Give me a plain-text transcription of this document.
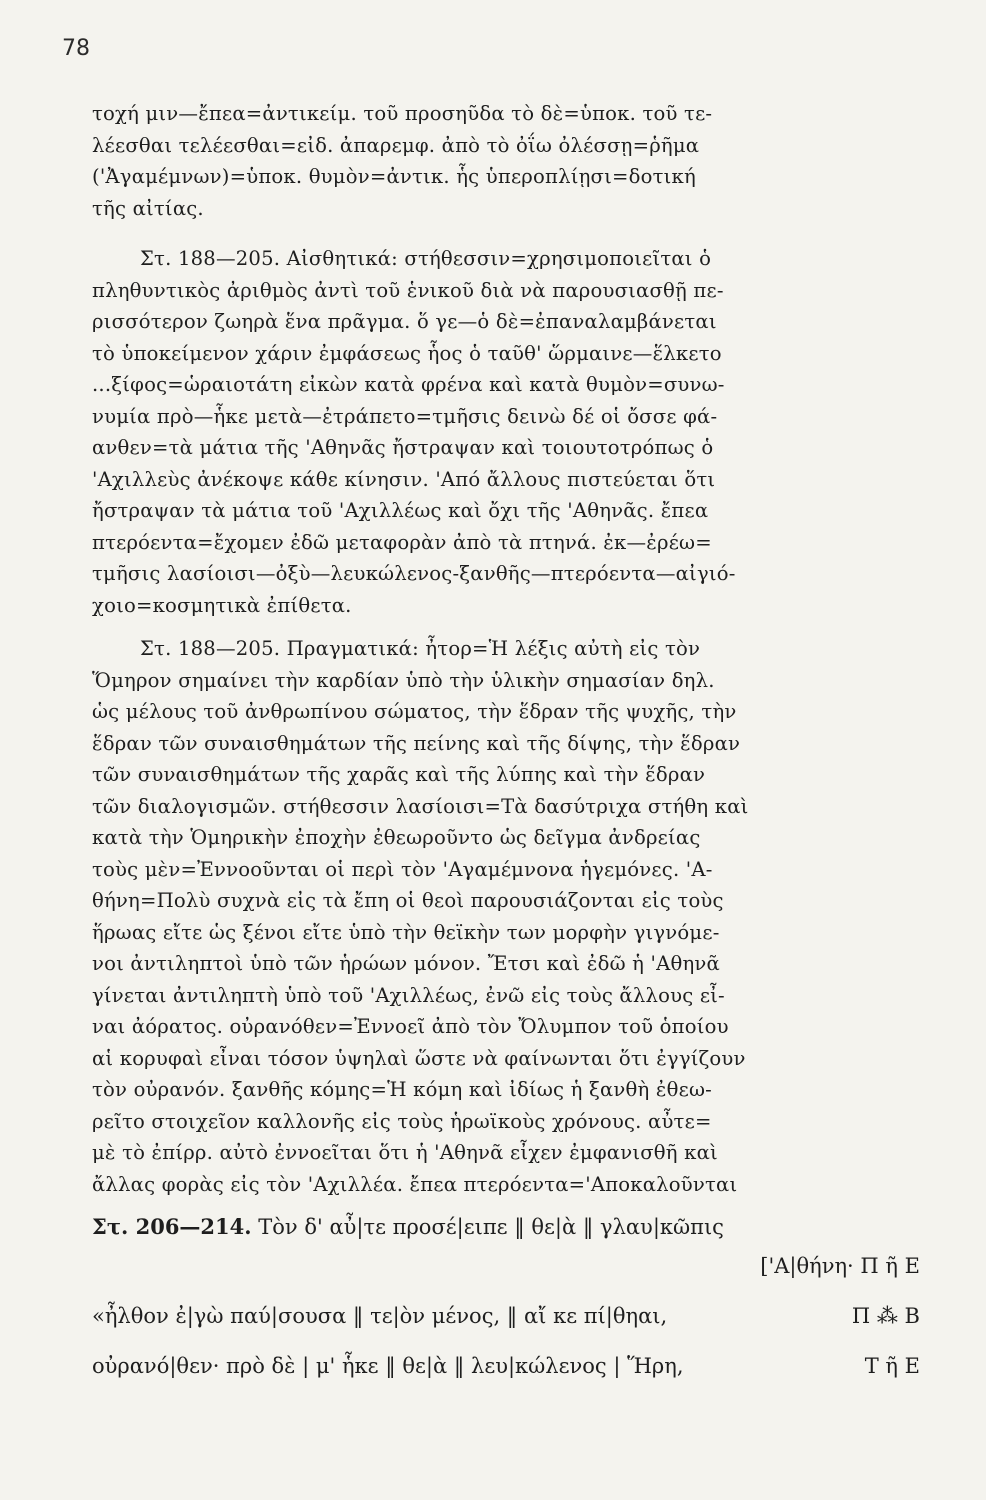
78
τοχή μιν—ἔπεα=ἀντικείμ. τοῦ προσηῦδα τὸ δὲ=ὑποκ. τοῦ τε-
λέεσθαι τελέεσθαι=εἰδ. ἀπαρεμφ. ἀπὸ τὸ ὀΐω ὀλέσσῃ=ῥῆμα
('Ἀγαμέμνων)=ὑποκ. θυμὸν=ἀντικ. ἧς ὑπεροπλίῃσι=δοτική
τῆς αἰτίας.
Στ. 188—205. Αἰσθητικά: στήθεσσιν=χρησιμοποιεῖται ὁ
πληθυντικὸς ἀριθμὸς ἀντὶ τοῦ ἑνικοῦ διὰ νὰ παρουσιασθῇ πε-
ρισσότερον ζωηρὰ ἕνα πρᾶγμα. ὅ γε—ὁ δὲ=ἐπαναλαμβάνεται
τὸ ὑποκείμενον χάριν ἐμφάσεως ἧος ὁ ταῦθ' ὥρμαινε—ἕλκετο
...ξίφος=ὡραιοτάτη εἰκὼν κατὰ φρένα καὶ κατὰ θυμὸν=συνω-
νυμία πρὸ—ἧκε μετὰ—ἐτράπετο=τμῆσις δεινὼ δέ οἱ ὄσσε φά-
ανθεν=τὰ μάτια τῆς 'Αθηνᾶς ἤστραψαν καὶ τοιουτοτρόπως ὁ
'Αχιλλεὺς ἀνέκοψε κάθε κίνησιν. 'Από ἄλλους πιστεύεται ὅτι
ἤστραψαν τὰ μάτια τοῦ 'Αχιλλέως καὶ ὄχι τῆς 'Αθηνᾶς. ἔπεα
πτερόεντα=ἔχομεν ἐδῶ μεταφορὰν ἀπὸ τὰ πτηνά. ἐκ—ἐρέω=
τμῆσις λασίοισι—ὀξὺ—λευκώλενος-ξανθῆς—πτερόεντα—αἰγιό-
χοιο=κοσμητικὰ ἐπίθετα.
Στ. 188—205. Πραγματικά: ἦτορ=Ἡ λέξις αὐτὴ εἰς τὸν
Ὅμηρον σημαίνει τὴν καρδίαν ὑπὸ τὴν ὑλικὴν σημασίαν δηλ.
ὡς μέλους τοῦ ἀνθρωπίνου σώματος, τὴν ἕδραν τῆς ψυχῆς, τὴν
ἕδραν τῶν συναισθημάτων τῆς πείνης καὶ τῆς δίψης, τὴν ἕδραν
τῶν συναισθημάτων τῆς χαρᾶς καὶ τῆς λύπης καὶ τὴν ἕδραν
τῶν διαλογισμῶν. στήθεσσιν λασίοισι=Τὰ δασύτριχα στήθη καὶ
κατὰ τὴν Ὁμηρικὴν ἐποχὴν ἐθεωροῦντο ὡς δεῖγμα ἀνδρείας
τοὺς μὲν=Ἐννοοῦνται οἱ περὶ τὸν 'Αγαμέμνονα ἡγεμόνες. 'Α-
θήνη=Πολὺ συχνὰ εἰς τὰ ἔπη οἱ θεοὶ παρουσιάζονται εἰς τοὺς
ἥρωας εἴτε ὡς ξένοι εἴτε ὑπὸ τὴν θεϊκὴν των μορφὴν γιγνόμε-
νοι ἀντιληπτοὶ ὑπὸ τῶν ἡρώων μόνον. Ἔτσι καὶ ἐδῶ ἡ 'Αθηνᾶ
γίνεται ἀντιληπτὴ ὑπὸ τοῦ 'Αχιλλέως, ἐνῶ εἰς τοὺς ἄλλους εἶ-
ναι ἀόρατος. οὐρανόθεν=Ἐννοεῖ ἀπὸ τὸν Ὄλυμπον τοῦ ὁποίου
αἱ κορυφαὶ εἶναι τόσον ὑψηλαὶ ὥστε νὰ φαίνωνται ὅτι ἐγγίζουν
τὸν οὐρανόν. ξανθῆς κόμης=Ἡ κόμη καὶ ἰδίως ἡ ξανθὴ ἐθεω-
ρεῖτο στοιχεῖον καλλονῆς εἰς τοὺς ἡρωϊκοὺς χρόνους. αὖτε=
μὲ τὸ ἐπίρρ. αὐτὸ ἐννοεῖται ὅτι ἡ 'Αθηνᾶ εἶχεν ἐμφανισθῆ καὶ
ἄλλας φορὰς εἰς τὸν 'Αχιλλέα. ἔπεα πτερόεντα='Αποκαλοῦνται
Στ. 206—214. Τὸν δ' αὖ|τε προσέ|ειπε ‖ θε|ὰ ‖ γλαυ|κῶπις
['Α|θήνη· Π ῆ Ε
«ἦλθον ἐ|γὼ παύ|σουσα ‖ τε|ὸν μένος, ‖ αἴ κε πί|θηαι,	Π ⁂ Β
οὐρανό|θεν· πρὸ δὲ | μ' ἧκε ‖ θε|ὰ ‖ λευ|κώλενος | Ἥρη,	Τ ῆ Ε
